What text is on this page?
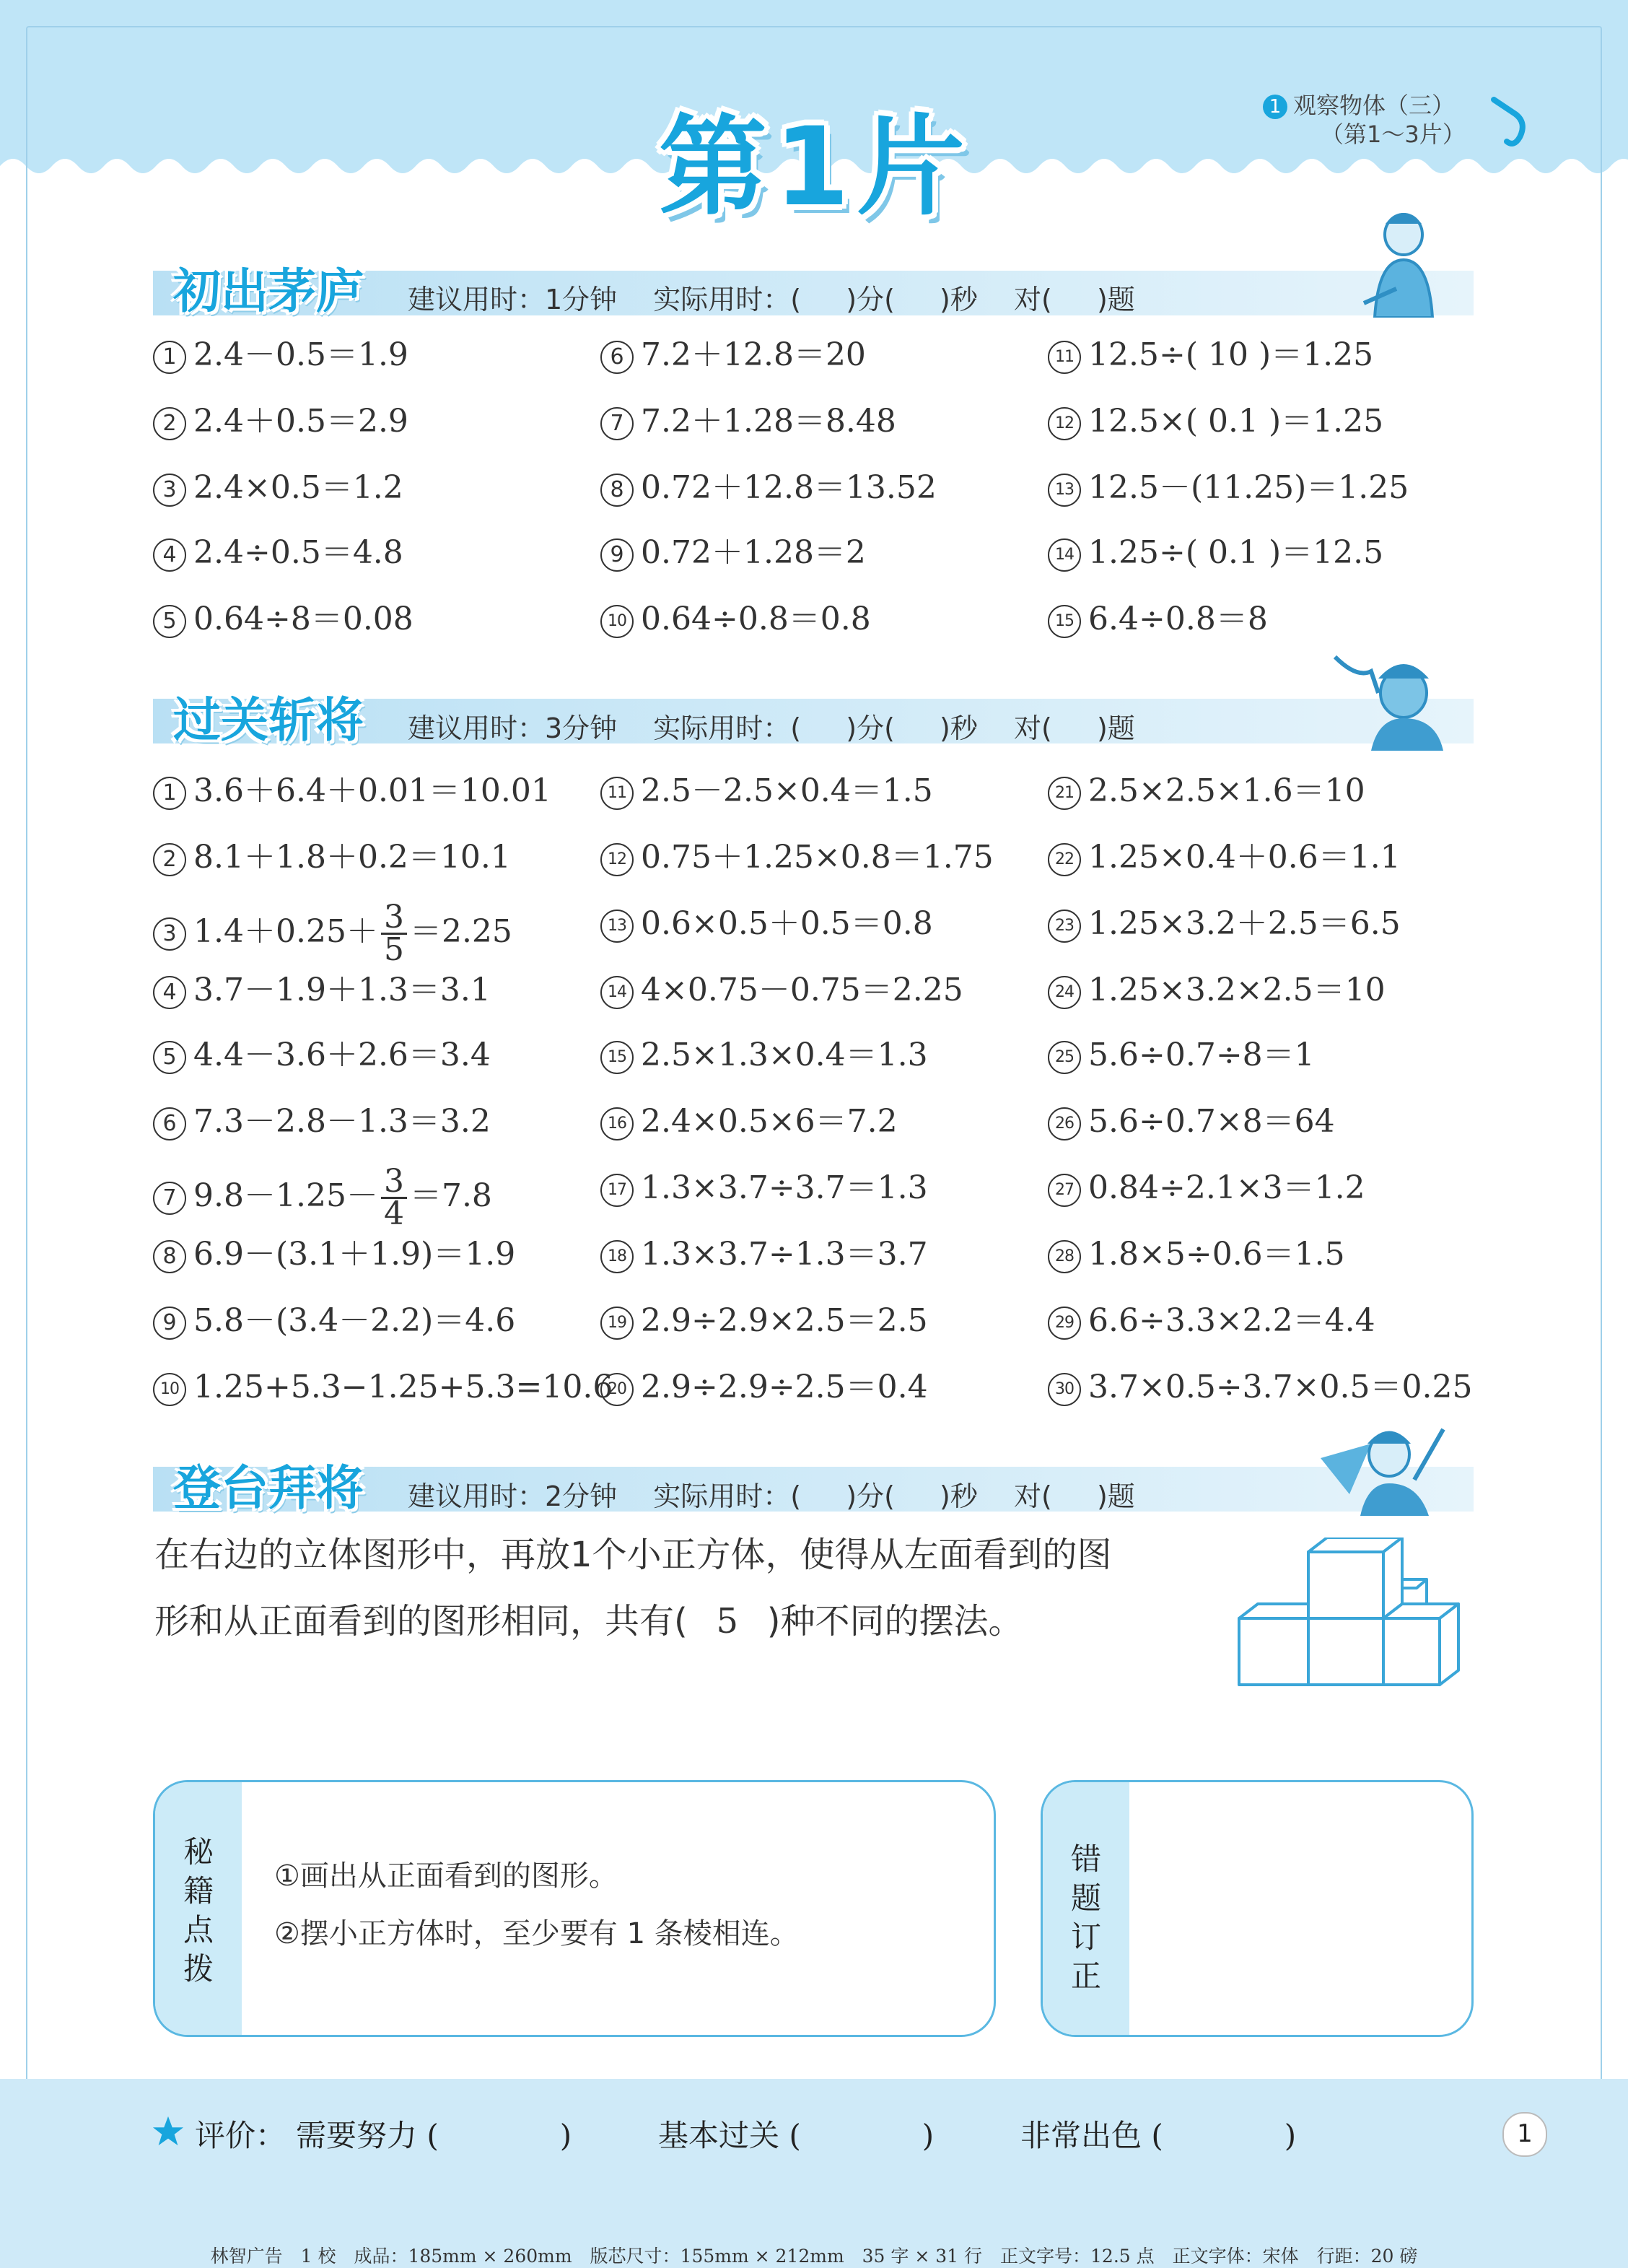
第1片	1 观察物体（三）
（第1～3片）
初出茅庐 建议用时：1分钟　 实际用时：(　  )分(　  )秒　 对(　  )题
1 2.4－0.5＝1.9
2 2.4＋0.5＝2.9
3 2.4×0.5＝1.2
4 2.4÷0.5＝4.8
5 0.64÷8＝0.08
6 7.2＋12.8＝20
7 7.2＋1.28＝8.48
8 0.72＋12.8＝13.52
9 0.72＋1.28＝2
10 0.64÷0.8＝0.8
11 12.5÷( 10 )＝1.25
12 12.5×( 0.1 )＝1.25
13 12.5－(11.25)＝1.25
14 1.25÷( 0.1 )＝12.5
15 6.4÷0.8＝8
过关斩将 建议用时：3分钟　 实际用时：(　  )分(　  )秒　 对(　  )题
1 3.6＋6.4＋0.01＝10.01
2 8.1＋1.8＋0.2＝10.1
3 $1.4+0.25+ \frac{3}{5} =2.25$
4 3.7－1.9＋1.3＝3.1
5 4.4－3.6＋2.6＝3.4
6 7.3－2.8－1.3＝3.2
7 $9.8-1.25- \frac{3}{4} =7.8$
8 6.9－(3.1＋1.9)＝1.9
9 5.8－(3.4－2.2)＝4.6
10 1.25+5.3−1.25+5.3=10.6
11 2.5－2.5×0.4＝1.5
12 0.75＋1.25×0.8＝1.75
13 0.6×0.5＋0.5＝0.8
14 4×0.75－0.75＝2.25
15 2.5×1.3×0.4＝1.3
16 2.4×0.5×6＝7.2
17 1.3×3.7÷3.7＝1.3
18 1.3×3.7÷1.3＝3.7
19 2.9÷2.9×2.5＝2.5
20 2.9÷2.9÷2.5＝0.4
21 2.5×2.5×1.6＝10
22 1.25×0.4＋0.6＝1.1
23 1.25×3.2＋2.5＝6.5
24 1.25×3.2×2.5＝10
25 5.6÷0.7÷8＝1
26 5.6÷0.7×8＝64
27 0.84÷2.1×3＝1.2
28 1.8×5÷0.6＝1.5
29 6.6÷3.3×2.2＝4.4
30 3.7×0.5÷3.7×0.5＝0.25
登台拜将 建议用时：2分钟　 实际用时：(　  )分(　  )秒　 对(　  )题
在右边的立体图形中，再放1个小正方体，使得从左面看到的图
形和从正面看到的图形相同，共有( 5 )种不同的摆法。
秘籍点拨
①画出从正面看到的图形。
②摆小正方体时，至少要有 1 条棱相连。
错题订正
评价： 需要努力 (　　　　)	基本过关 (　　　　)	非常出色 (　　　　)	1
林智广告　1 校　成品：185mm × 260mm　版芯尺寸：155mm × 212mm　35 字 × 31 行　正文字号：12.5 点　正文字体：宋体　行距：20 磅
